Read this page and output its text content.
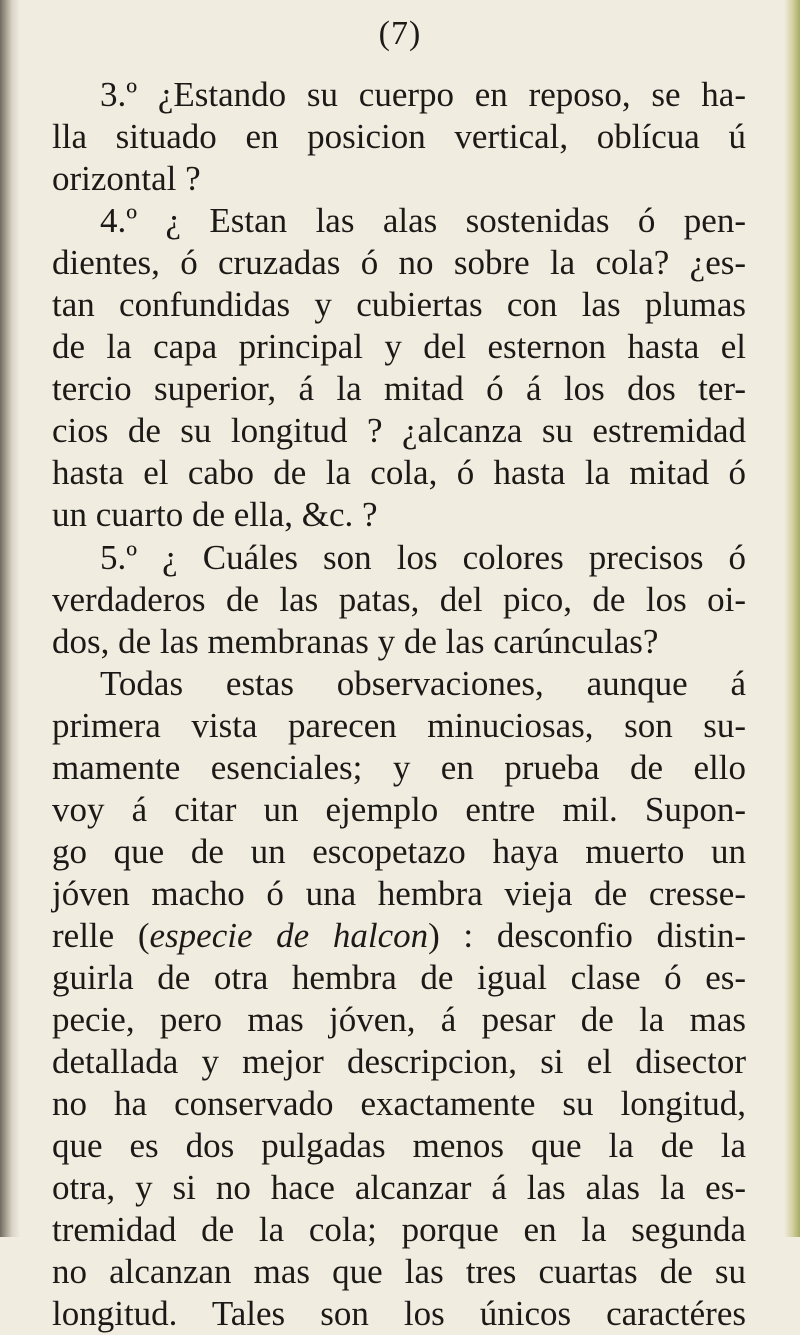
(7)
3.º ¿Estando su cuerpo en reposo, se ha-
lla situado en posicion vertical, oblícua ú
orizontal ?
4.º ¿ Estan las alas sostenidas ó pen-
dientes, ó cruzadas ó no sobre la cola? ¿es-
tan confundidas y cubiertas con las plumas
de la capa principal y del esternon hasta el
tercio superior, á la mitad ó á los dos ter-
cios de su longitud ? ¿alcanza su estremidad
hasta el cabo de la cola, ó hasta la mitad ó
un cuarto de ella, &c. ?
5.º ¿ Cuáles son los colores precisos ó
verdaderos de las patas, del pico, de los oi-
dos, de las membranas y de las carúnculas?
Todas estas observaciones, aunque á
primera vista parecen minuciosas, son su-
mamente esenciales; y en prueba de ello
voy á citar un ejemplo entre mil. Supon-
go que de un escopetazo haya muerto un
jóven macho ó una hembra vieja de cresse-
relle (especie de halcon) : desconfio distin-
guirla de otra hembra de igual clase ó es-
pecie, pero mas jóven, á pesar de la mas
detallada y mejor descripcion, si el disector
no ha conservado exactamente su longitud,
que es dos pulgadas menos que la de la
otra, y si no hace alcanzar á las alas la es-
tremidad de la cola; porque en la segunda
no alcanzan mas que las tres cuartas de su
longitud. Tales son los únicos caractéres
